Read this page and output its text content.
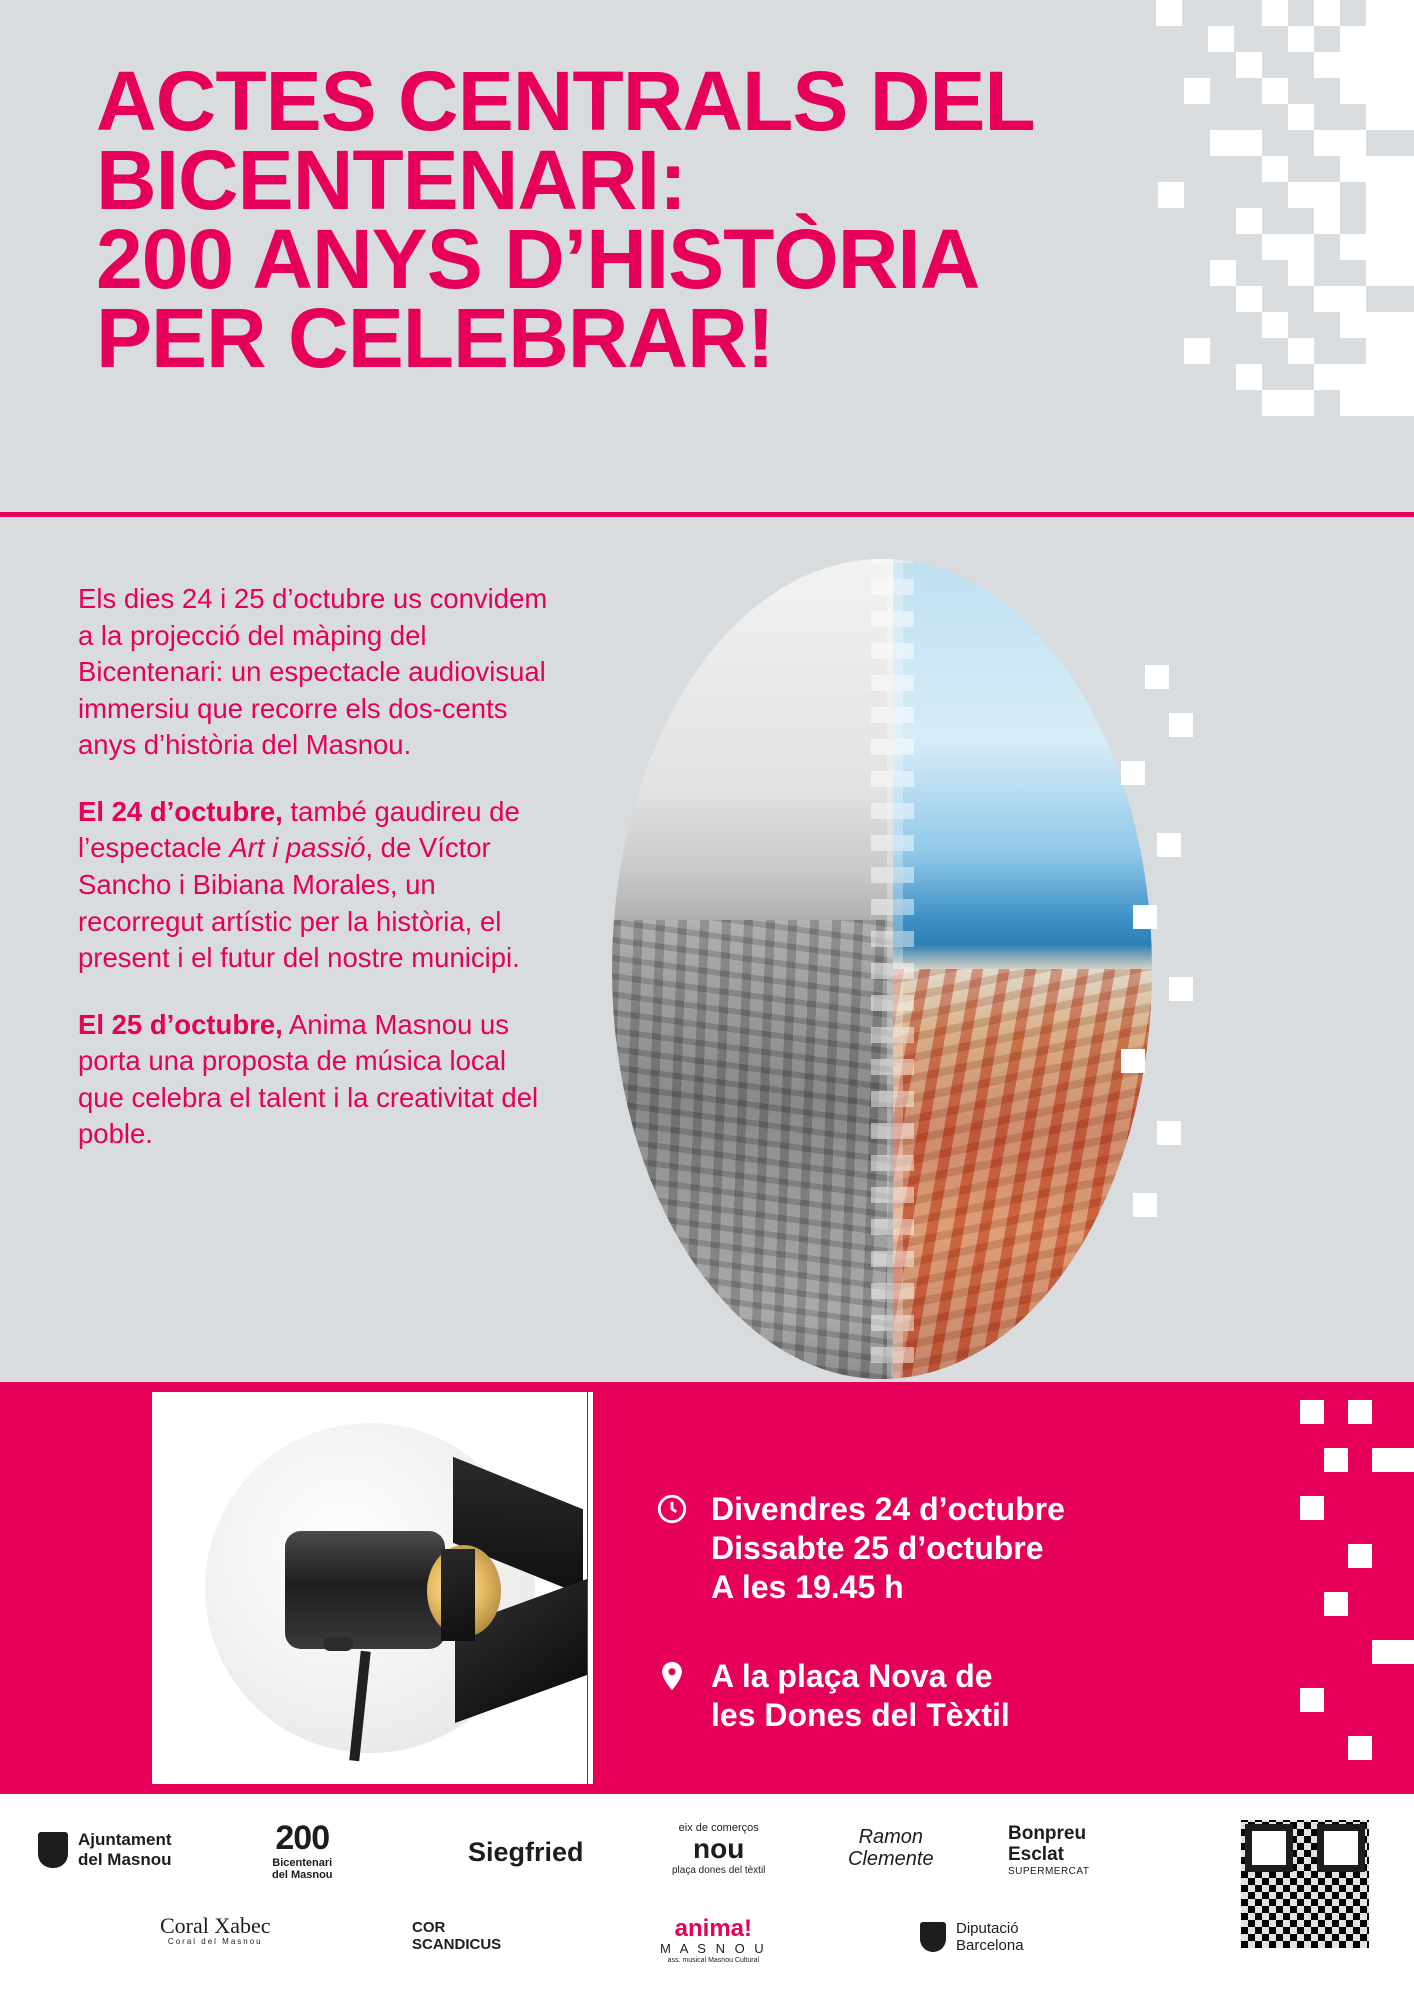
ACTES CENTRALS DEL
BICENTENARI:
200 ANYS D’HISTÒRIA
PER CELEBRAR!

Els dies 24 i 25 d’octubre us convidem a la projecció del màping del Bicentenari: un espectacle audiovisual immersiu que recorre els dos-cents anys d’història del Masnou.

El 24 d’octubre, també gaudireu de l’espectacle Art i passió, de Víctor Sancho i Bibiana Morales, un recorregut artístic per la història, el present i el futur del nostre municipi.

El 25 d’octubre, Anima Masnou us porta una proposta de música local que celebra el talent i la creativitat del poble.

Divendres 24 d’octubre
Dissabte 25 d’octubre
A les 19.45 h
A la plaça Nova de
les Dones del Tèxtil
Ajuntament
del Masnou
200
Bicentenari
del Masnou
Siegfried
eix de comerços
nou
plaça dones del tèxtil
Ramon
Clemente
Bonpreu
Esclat
SUPERMERCAT
Coral Xabec
Coral del Masnou
COR
SCANDICUS
anima!
M A S N O U
ass. musical Masnou Cultural
Diputació
Barcelona
